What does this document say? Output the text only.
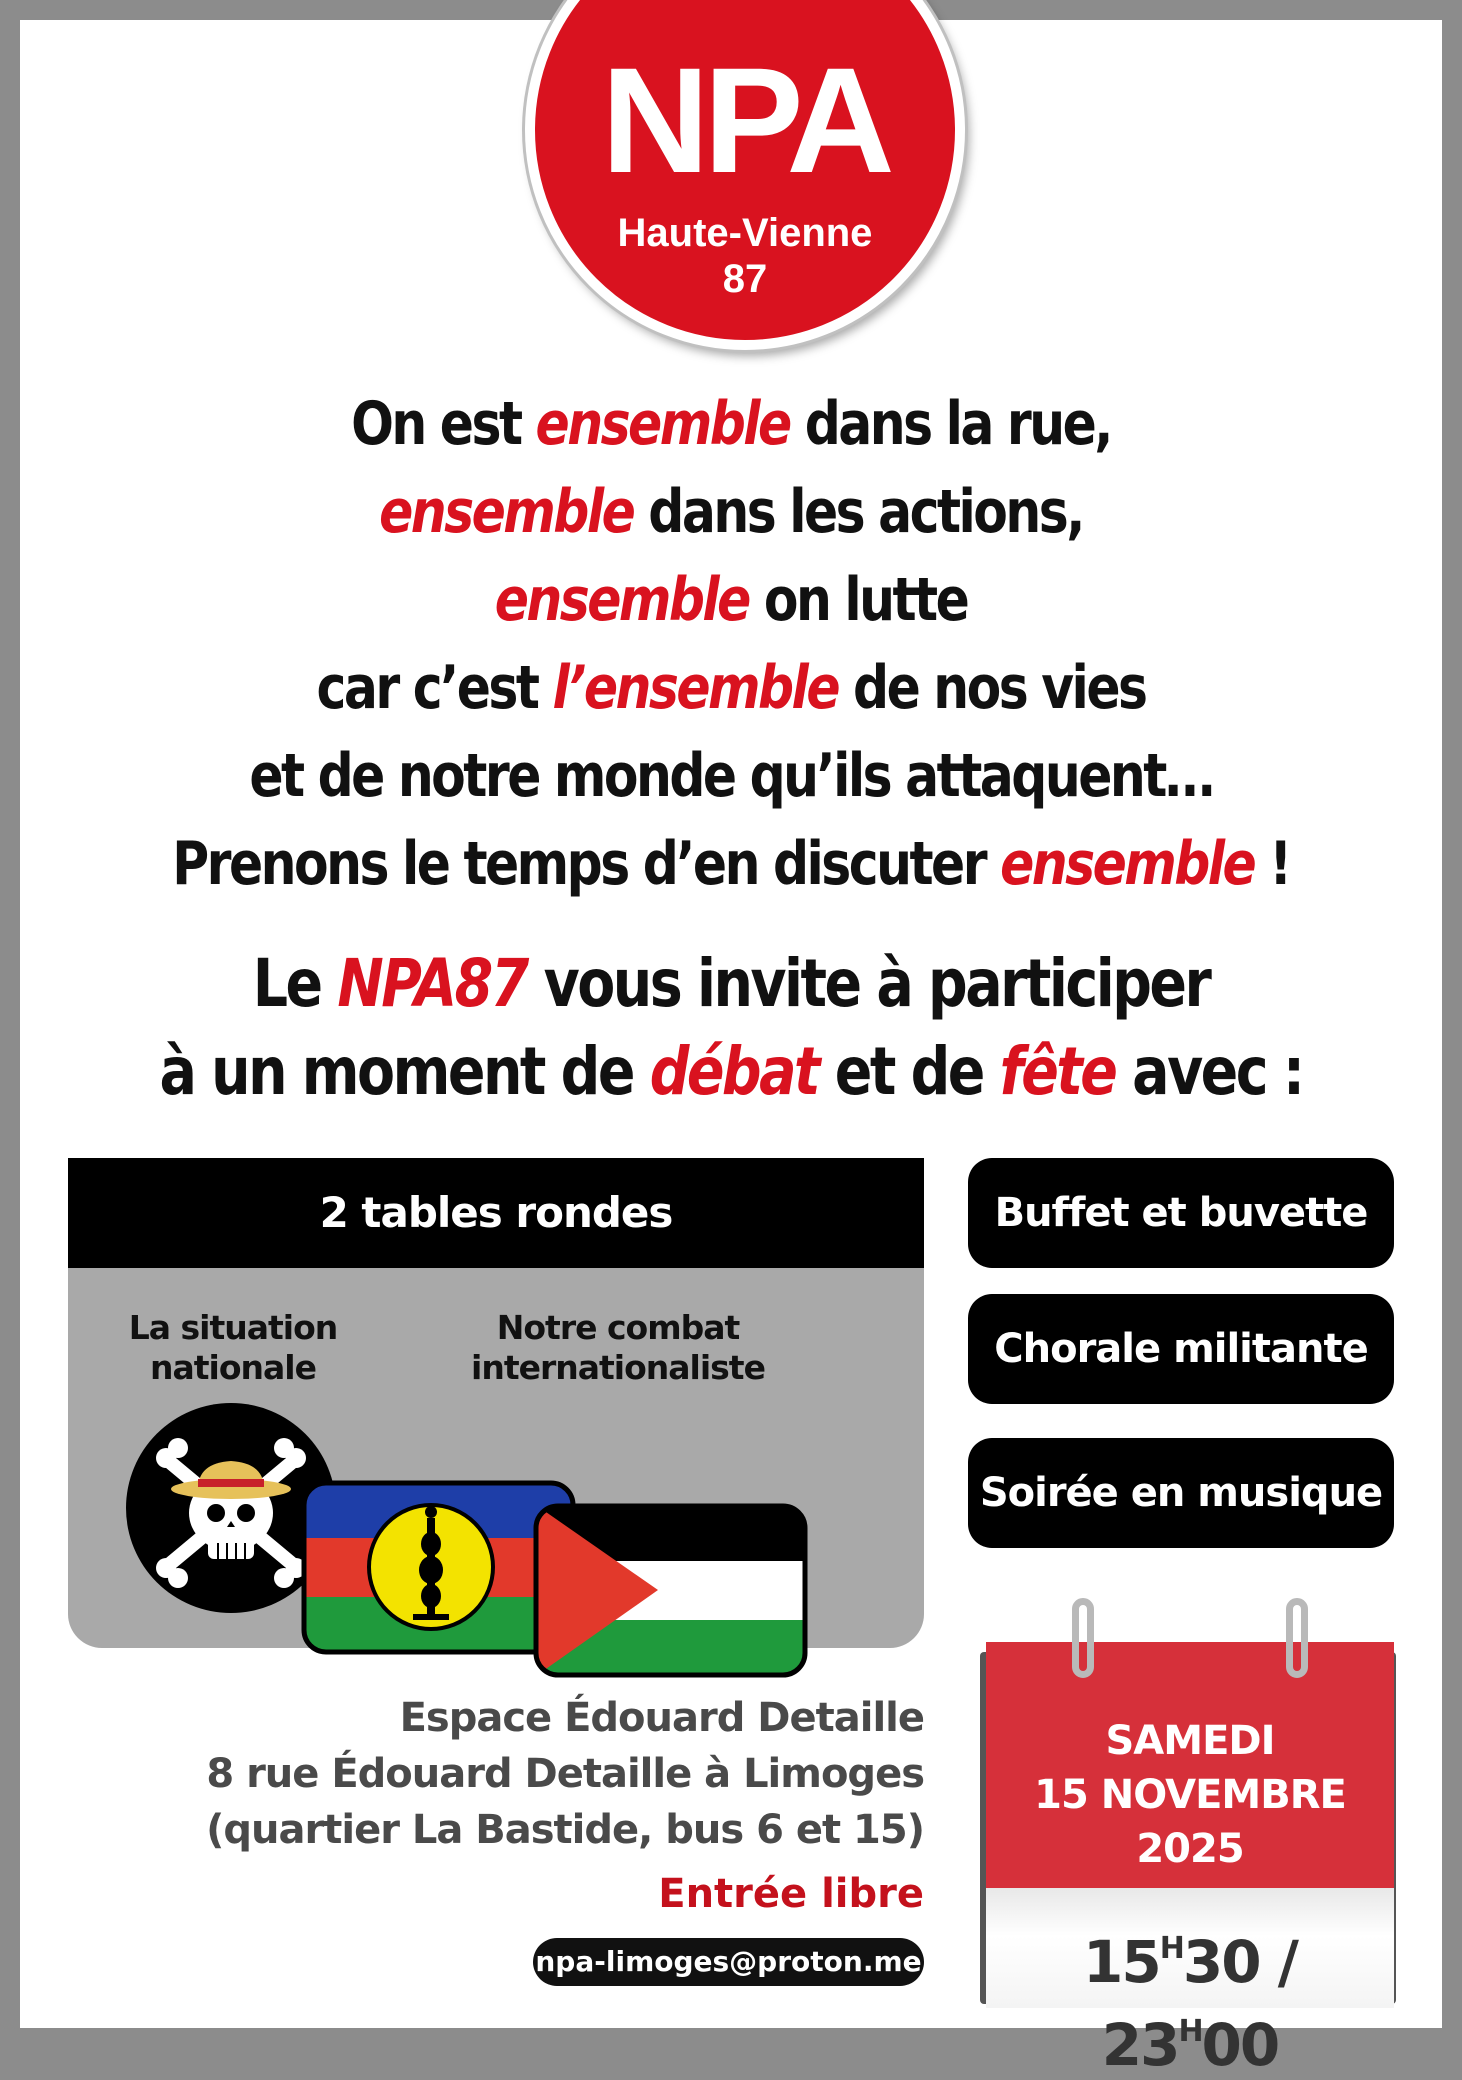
NPA
Haute-Vienne
87
On est ensemble dans la rue,
ensemble dans les actions,
ensemble on lutte
car c’est l’ensemble de nos vies
et de notre monde qu’ils attaquent…
Prenons le temps d’en discuter ensemble !
Le NPA87 vous invite à participer
à un moment de débat et de fête avec :
2 tables rondes
La situation
nationale
Notre combat
internationaliste
Buffet et buvette
Chorale militante
Soirée en musique
Espace Édouard Detaille
8 rue Édouard Detaille à Limoges
(quartier La Bastide, bus 6 et 15)
Entrée libre
npa-limoges@proton.me
SAMEDI
15 NOVEMBRE
2025
$15^H30 / 23^H00$
